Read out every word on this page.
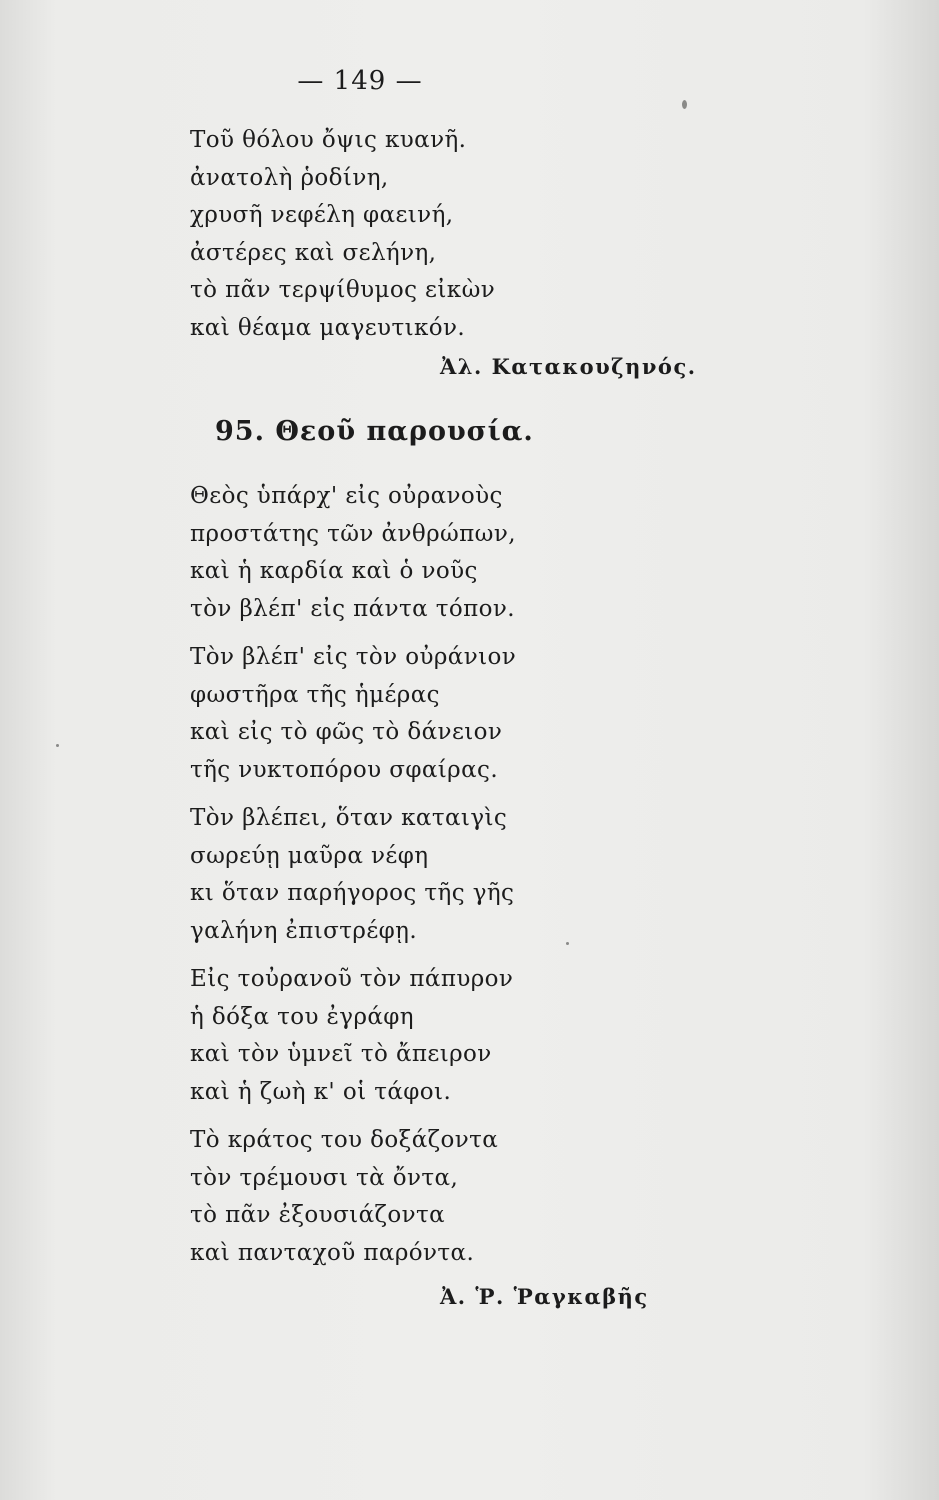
— 149 —
Τοῦ θόλου ὄψις κυανῆ.
ἀνατολὴ ῥοδίνη,
χρυσῆ νεφέλη φαεινή,
ἀστέρες καὶ σελήνη,
τὸ πᾶν τερψίθυμος εἰκὼν
καὶ θέαμα μαγευτικόν.
Ἀλ. Κατακουζηνός.
95. Θεοῦ παρουσία.
Θεὸς ὑπάρχ' εἰς οὐρανοὺς
προστάτης τῶν ἀνθρώπων,
καὶ ἡ καρδία καὶ ὁ νοῦς
τὸν βλέπ' εἰς πάντα τόπον.
Τὸν βλέπ' εἰς τὸν οὐράνιον
φωστῆρα τῆς ἡμέρας
καὶ εἰς τὸ φῶς τὸ δάνειον
τῆς νυκτοπόρου σφαίρας.
Τὸν βλέπει, ὅταν καταιγὶς
σωρεύῃ μαῦρα νέφη
κι ὅταν παρήγορος τῆς γῆς
γαλήνη ἐπιστρέφῃ.
Εἰς τοὐρανοῦ τὸν πάπυρον
ἡ δόξα του ἐγράφη
καὶ τὸν ὑμνεῖ τὸ ἄπειρον
καὶ ἡ ζωὴ κ' οἱ τάφοι.
Τὸ κράτος του δοξάζοντα
τὸν τρέμουσι τὰ ὄντα,
τὸ πᾶν ἐξουσιάζοντα
καὶ πανταχοῦ παρόντα.
Ἀ. Ῥ. Ῥαγκαβῆς
